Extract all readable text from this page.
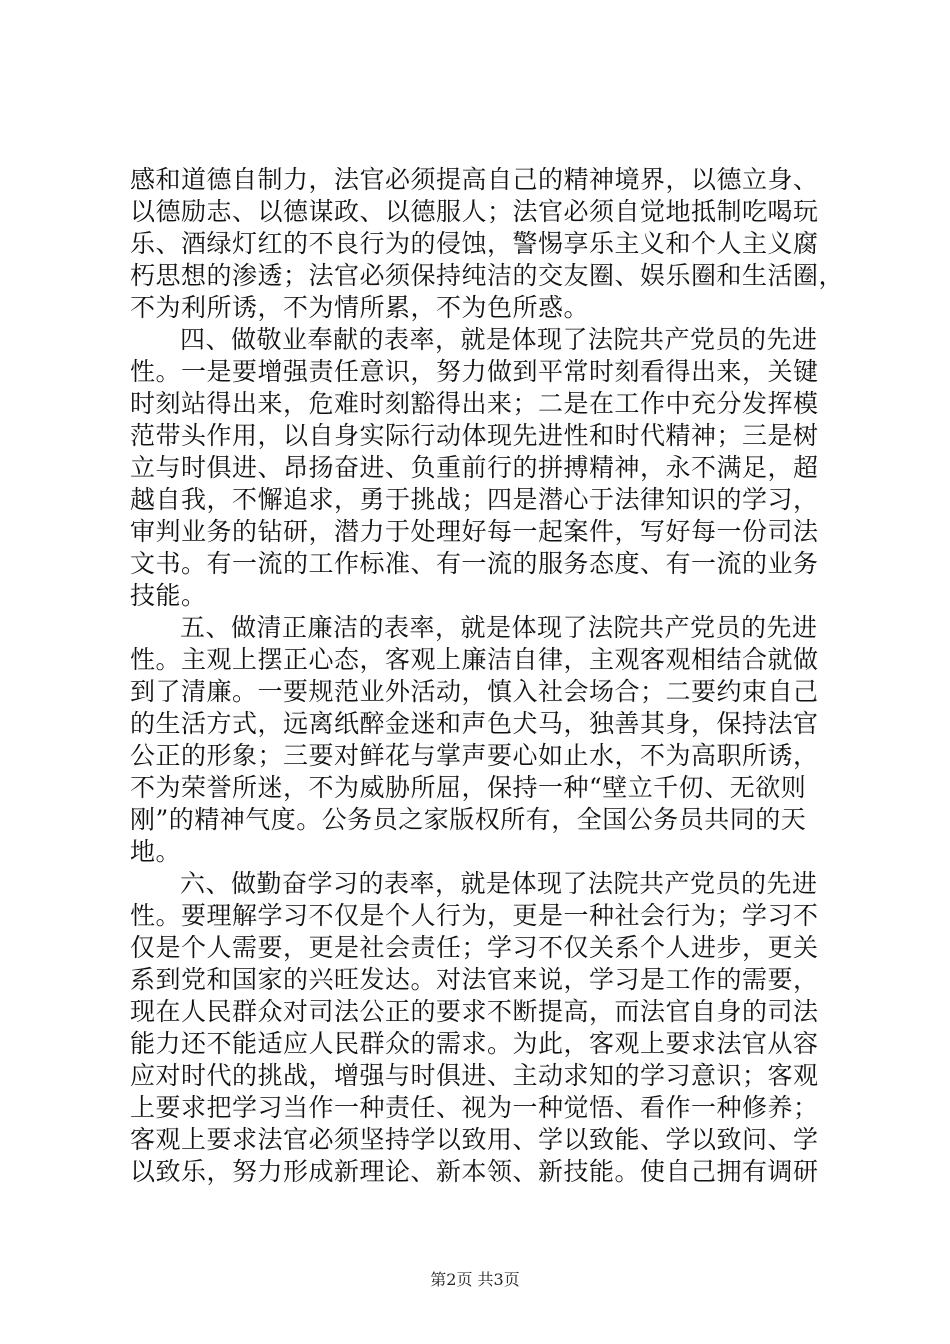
感和道德自制力，法官必须提高自己的精神境界，以德立身、
以德励志、以德谋政、以德服人；法官必须自觉地抵制吃喝玩
乐、酒绿灯红的不良行为的侵蚀，警惕享乐主义和个人主义腐
朽思想的渗透；法官必须保持纯洁的交友圈、娱乐圈和生活圈，
不为利所诱，不为情所累，不为色所惑。
四、做敬业奉献的表率，就是体现了法院共产党员的先进
性。一是要增强责任意识，努力做到平常时刻看得出来，关键
时刻站得出来，危难时刻豁得出来；二是在工作中充分发挥模
范带头作用，以自身实际行动体现先进性和时代精神；三是树
立与时俱进、昂扬奋进、负重前行的拼搏精神，永不满足，超
越自我，不懈追求，勇于挑战；四是潜心于法律知识的学习，
审判业务的钻研，潜力于处理好每一起案件，写好每一份司法
文书。有一流的工作标准、有一流的服务态度、有一流的业务
技能。
五、做清正廉洁的表率，就是体现了法院共产党员的先进
性。主观上摆正心态，客观上廉洁自律，主观客观相结合就做
到了清廉。一要规范业外活动，慎入社会场合；二要约束自己
的生活方式，远离纸醉金迷和声色犬马，独善其身，保持法官
公正的形象；三要对鲜花与掌声要心如止水，不为高职所诱，
不为荣誉所迷，不为威胁所屈，保持一种“壁立千仞、无欲则
刚”的精神气度。公务员之家版权所有，全国公务员共同的天
地。
六、做勤奋学习的表率，就是体现了法院共产党员的先进
性。要理解学习不仅是个人行为，更是一种社会行为；学习不
仅是个人需要，更是社会责任；学习不仅关系个人进步，更关
系到党和国家的兴旺发达。对法官来说，学习是工作的需要，
现在人民群众对司法公正的要求不断提高，而法官自身的司法
能力还不能适应人民群众的需求。为此，客观上要求法官从容
应对时代的挑战，增强与时俱进、主动求知的学习意识；客观
上要求把学习当作一种责任、视为一种觉悟、看作一种修养；
客观上要求法官必须坚持学以致用、学以致能、学以致问、学
以致乐，努力形成新理论、新本领、新技能。使自己拥有调研
第2页 共3页
